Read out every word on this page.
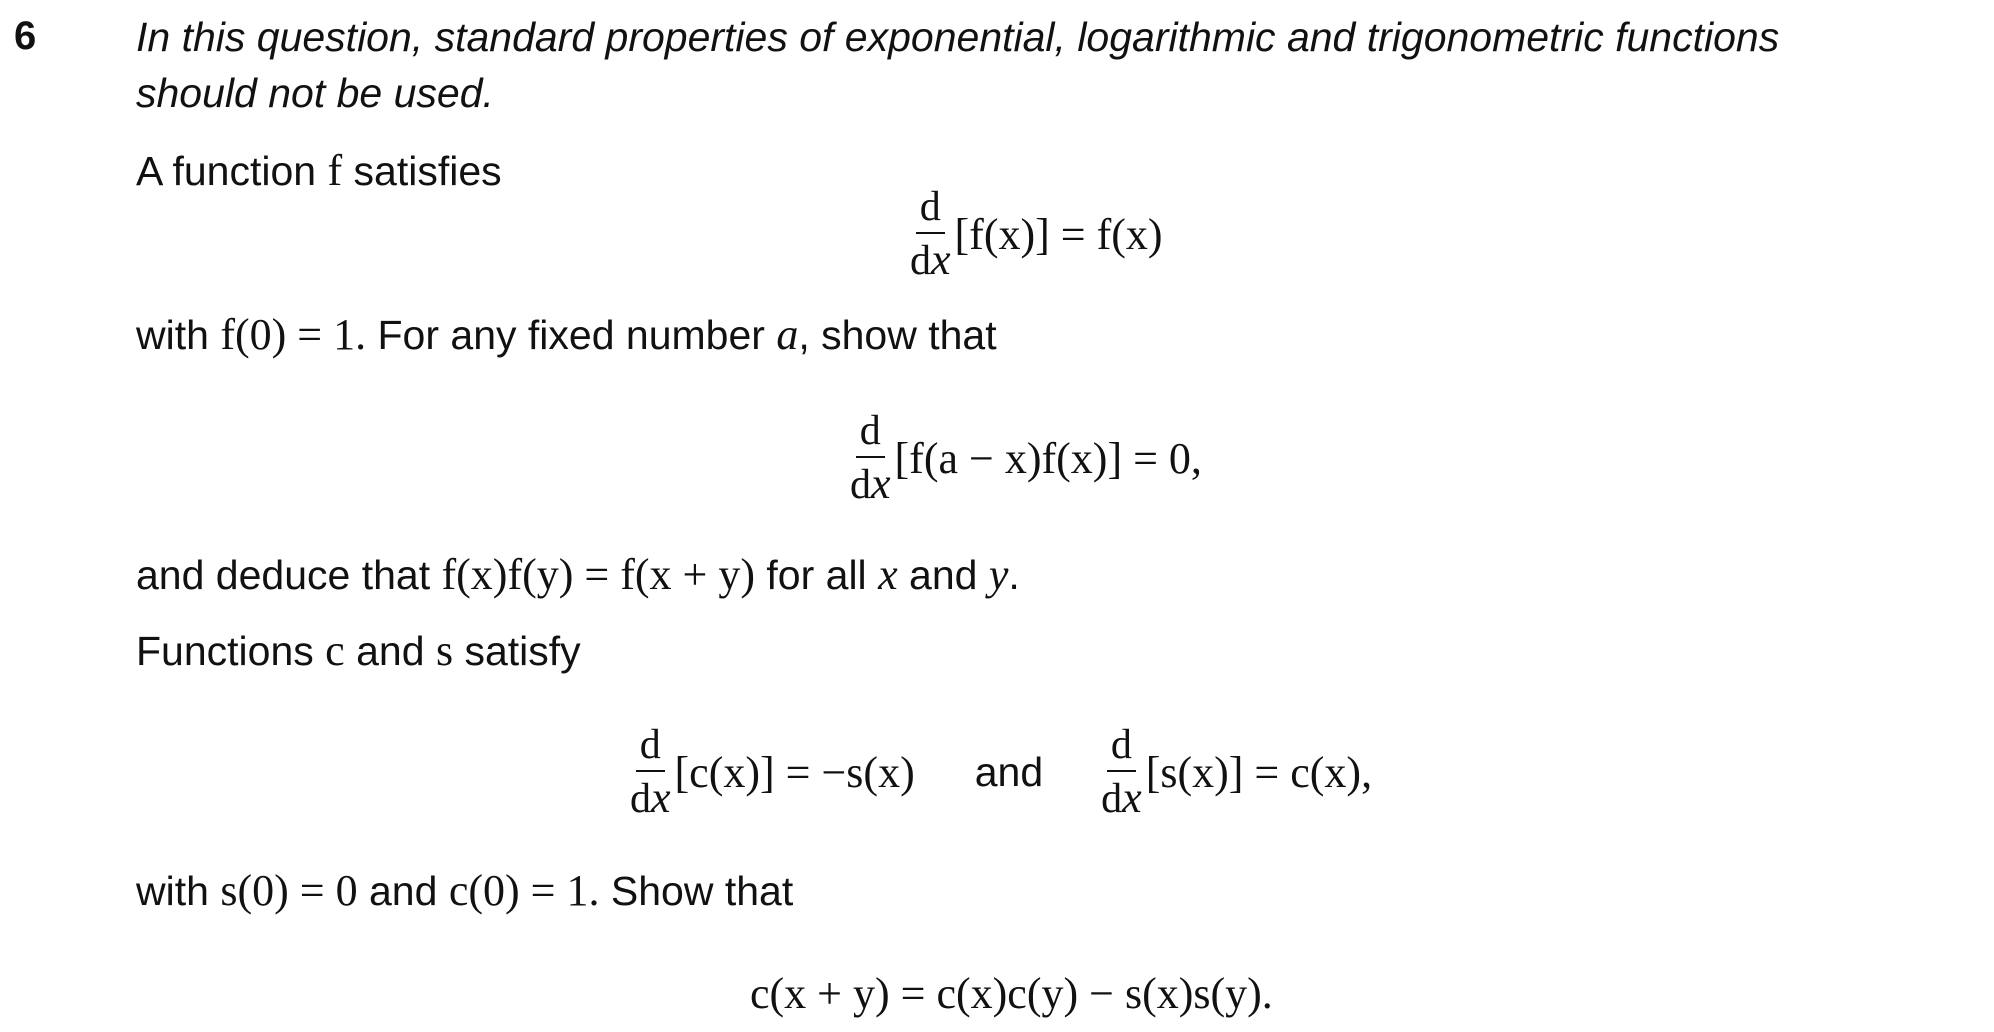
6 In this question, standard properties of exponential, logarithmic and trigonometric functions
should not be used.
A function f satisfies
$\frac{d}{dx} [f(x)] = f(x)$
with f(0) = 1. For any fixed number a, show that
$\frac{d}{dx} [f(a - x)f(x)] = 0$,
and deduce that f(x)f(y) = f(x + y) for all x and y.
Functions c and s satisfy
$\frac{d}{dx} [c(x)] = -s(x)$ and $\frac{d}{dx} [s(x)] = c(x)$,
with s(0) = 0 and c(0) = 1. Show that
c(x + y) = c(x)c(y) − s(x)s(y).
